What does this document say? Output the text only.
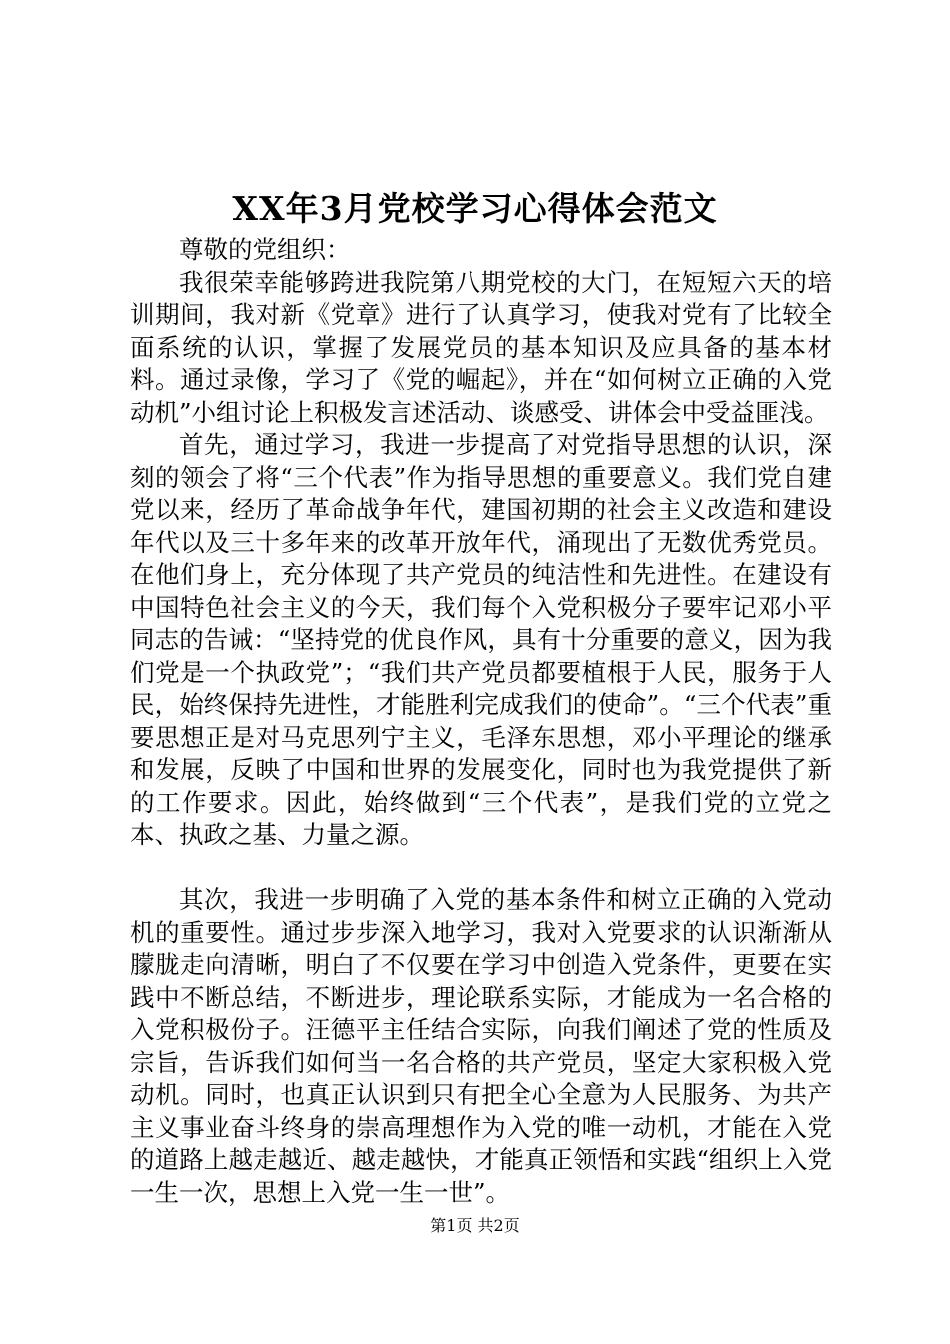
XX年3月党校学习心得体会范文

尊敬的党组织：

我很荣幸能够跨进我院第八期党校的大门，在短短六天的培训期间，我对新《党章》进行了认真学习，使我对党有了比较全面系统的认识，掌握了发展党员的基本知识及应具备的基本材料。通过录像，学习了《党的崛起》，并在“如何树立正确的入党动机”小组讨论上积极发言述活动、谈感受、讲体会中受益匪浅。

首先，通过学习，我进一步提高了对党指导思想的认识，深刻的领会了将“三个代表”作为指导思想的重要意义。我们党自建党以来，经历了革命战争年代，建国初期的社会主义改造和建设年代以及三十多年来的改革开放年代，涌现出了无数优秀党员。在他们身上，充分体现了共产党员的纯洁性和先进性。在建设有中国特色社会主义的今天，我们每个入党积极分子要牢记邓小平同志的告诫：“坚持党的优良作风，具有十分重要的意义，因为我们党是一个执政党”；“我们共产党员都要植根于人民，服务于人民，始终保持先进性，才能胜利完成我们的使命”。“三个代表”重要思想正是对马克思列宁主义，毛泽东思想，邓小平理论的继承和发展，反映了中国和世界的发展变化，同时也为我党提供了新的工作要求。因此，始终做到“三个代表”，是我们党的立党之本、执政之基、力量之源。

其次，我进一步明确了入党的基本条件和树立正确的入党动机的重要性。通过步步深入地学习，我对入党要求的认识渐渐从朦胧走向清晰，明白了不仅要在学习中创造入党条件，更要在实践中不断总结，不断进步，理论联系实际，才能成为一名合格的入党积极份子。汪德平主任结合实际，向我们阐述了党的性质及宗旨，告诉我们如何当一名合格的共产党员，坚定大家积极入党动机。同时，也真正认识到只有把全心全意为人民服务、为共产主义事业奋斗终身的崇高理想作为入党的唯一动机，才能在入党的道路上越走越近、越走越快，才能真正领悟和实践“组织上入党一生一次，思想上入党一生一世”。

第1页 共2页
